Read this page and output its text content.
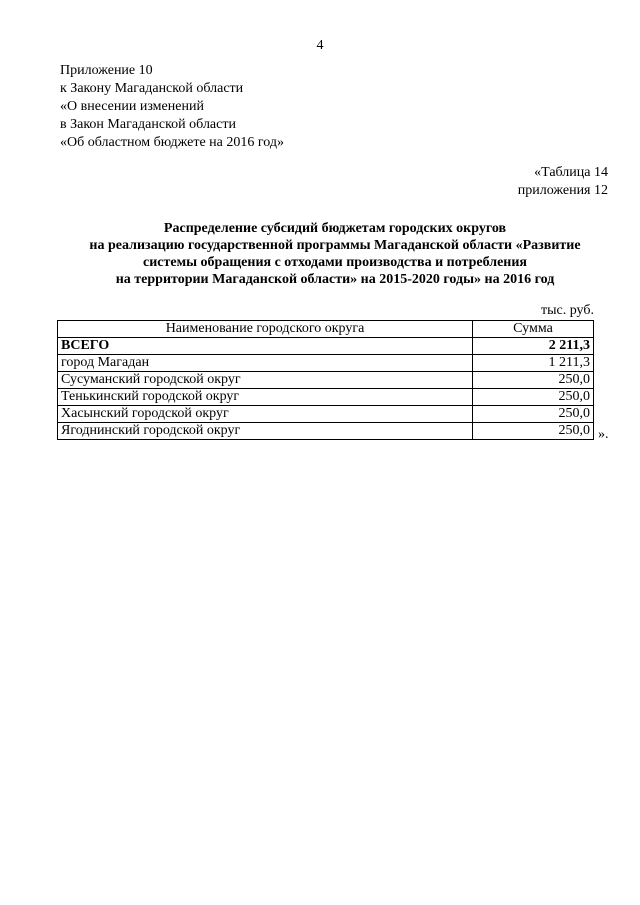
4
Приложение 10
к Закону Магаданской области
«О внесении изменений
в Закон Магаданской области
«Об областном бюджете на 2016 год»
«Таблица 14
приложения 12
Распределение субсидий бюджетам городских округов
на реализацию государственной программы Магаданской области «Развитие
системы обращения с отходами производства и потребления
на территории Магаданской области» на 2015-2020 годы» на 2016 год
тыс. руб.
Наименование городского округа	Сумма
ВСЕГО	2 211,3
город Магадан	1 211,3
Сусуманский городской округ	250,0
Тенькинский городской округ	250,0
Хасынский городской округ	250,0
Ягоднинский городской округ	250,0 ».
